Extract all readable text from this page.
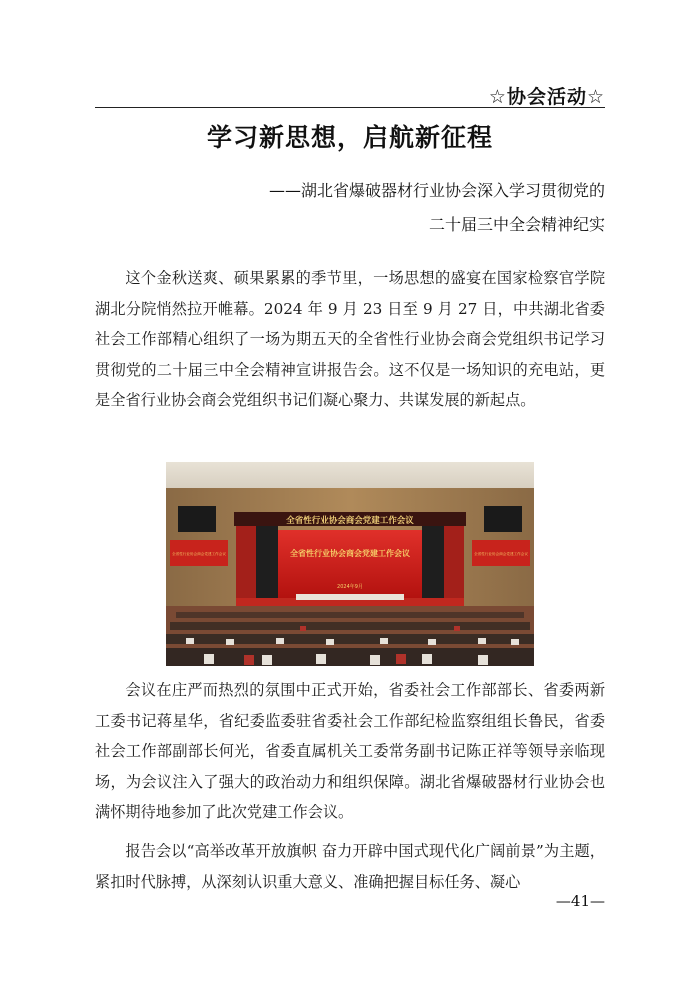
☆协会活动☆
学习新思想，启航新征程
——湖北省爆破器材行业协会深入学习贯彻党的
二十届三中全会精神纪实

这个金秋送爽、硕果累累的季节里，一场思想的盛宴在国家检察官学院湖北分院悄然拉开帷幕。2024 年 9 月 23 日至 9 月 27 日，中共湖北省委社会工作部精心组织了一场为期五天的全省性行业协会商会党组织书记学习贯彻党的二十届三中全会精神宣讲报告会。这不仅是一场知识的充电站，更是全省行业协会商会党组织书记们凝心聚力、共谋发展的新起点。

全省性行业协会商会党建工作会议
全省性行业协会商会党建工作会议
2024年9月
全省性行业协会商会党建工作会议	全省性行业协会商会党建工作会议

会议在庄严而热烈的氛围中正式开始，省委社会工作部部长、省委两新工委书记蒋星华，省纪委监委驻省委社会工作部纪检监察组组长鲁民，省委社会工作部副部长何光，省委直属机关工委常务副书记陈正祥等领导亲临现场，为会议注入了强大的政治动力和组织保障。湖北省爆破器材行业协会也满怀期待地参加了此次党建工作会议。

报告会以“高举改革开放旗帜 奋力开辟中国式现代化广阔前景”为主题，紧扣时代脉搏，从深刻认识重大意义、准确把握目标任务、凝心

—41—
